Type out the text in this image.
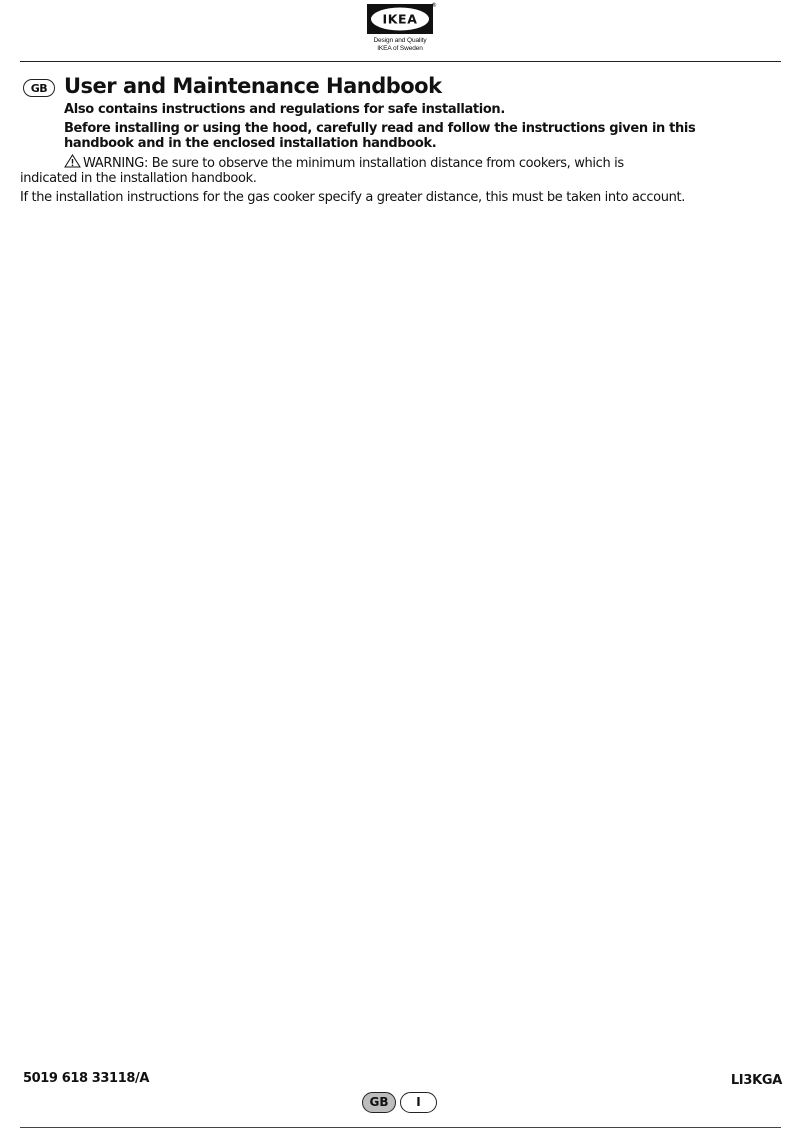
IKEA
®
Design and Quality
IKEA of Sweden
GB User and Maintenance Handbook

Also contains instructions and regulations for safe installation.

Before installing or using the hood, carefully read and follow the instructions given in this handbook and in the enclosed installation handbook.

WARNING: Be sure to observe the minimum installation distance from cookers, which is
indicated in the installation handbook.

If the installation instructions for the gas cooker specify a greater distance, this must be taken into account.

5019 618 33118/A	LI3KGA
GB	I
